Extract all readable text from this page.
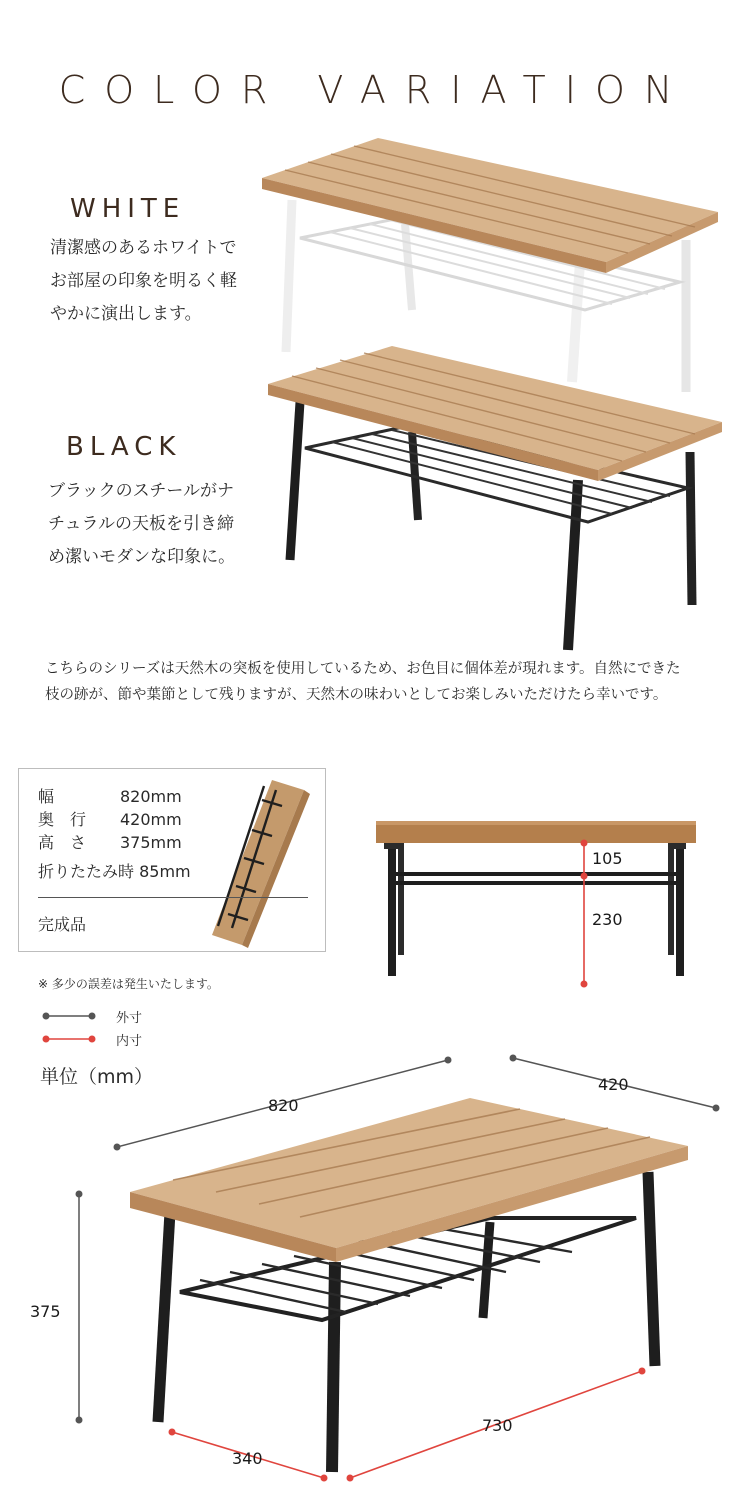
COLOR VARIATION
WHITE
清潔感のあるホワイトで
お部屋の印象を明るく軽
やかに演出します。
BLACK
ブラックのスチールがナ
チュラルの天板を引き締
め潔いモダンな印象に。
こちらのシリーズは天然木の突板を使用しているため、お色目に個体差が現れます。自然にできた
枝の跡が、節や葉節として残りますが、天然木の味わいとしてお楽しみいただけたら幸いです。
幅　　820mm
奥　行 420mm
高　さ 375mm
折りたたみ時 85mm
完成品
105
230
※ 多少の誤差は発生いたします。
外寸
内寸
単位（mm）
820
420
375
340
730
